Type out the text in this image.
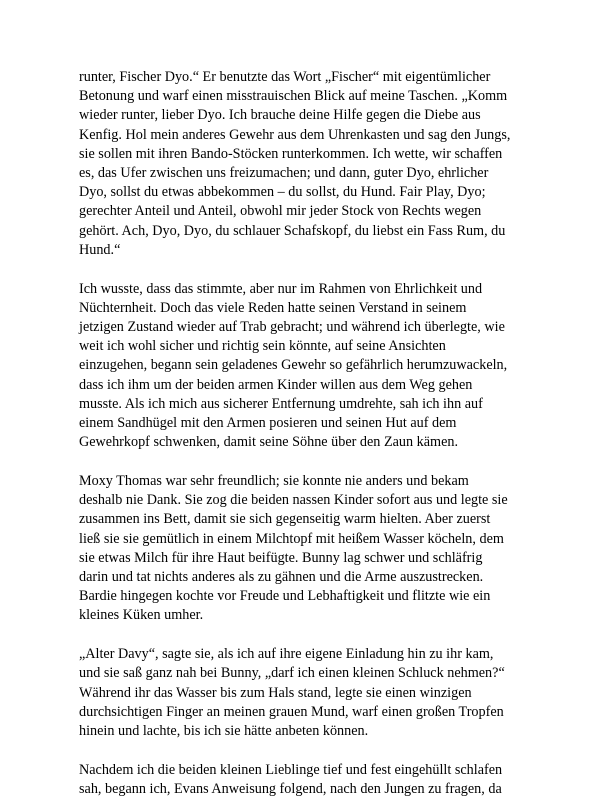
runter, Fischer Dyo.“ Er benutzte das Wort „Fischer“ mit eigentümlicher
Betonung und warf einen misstrauischen Blick auf meine Taschen. „Komm
wieder runter, lieber Dyo. Ich brauche deine Hilfe gegen die Diebe aus
Kenfig. Hol mein anderes Gewehr aus dem Uhrenkasten und sag den Jungs,
sie sollen mit ihren Bando-Stöcken runterkommen. Ich wette, wir schaffen
es, das Ufer zwischen uns freizumachen; und dann, guter Dyo, ehrlicher
Dyo, sollst du etwas abbekommen – du sollst, du Hund. Fair Play, Dyo;
gerechter Anteil und Anteil, obwohl mir jeder Stock von Rechts wegen
gehört. Ach, Dyo, Dyo, du schlauer Schafskopf, du liebst ein Fass Rum, du
Hund.“

Ich wusste, dass das stimmte, aber nur im Rahmen von Ehrlichkeit und
Nüchternheit. Doch das viele Reden hatte seinen Verstand in seinem
jetzigen Zustand wieder auf Trab gebracht; und während ich überlegte, wie
weit ich wohl sicher und richtig sein könnte, auf seine Ansichten
einzugehen, begann sein geladenes Gewehr so gefährlich herumzuwackeln,
dass ich ihm um der beiden armen Kinder willen aus dem Weg gehen
musste. Als ich mich aus sicherer Entfernung umdrehte, sah ich ihn auf
einem Sandhügel mit den Armen posieren und seinen Hut auf dem
Gewehrkopf schwenken, damit seine Söhne über den Zaun kämen.

Moxy Thomas war sehr freundlich; sie konnte nie anders und bekam
deshalb nie Dank. Sie zog die beiden nassen Kinder sofort aus und legte sie
zusammen ins Bett, damit sie sich gegenseitig warm hielten. Aber zuerst
ließ sie sie gemütlich in einem Milchtopf mit heißem Wasser köcheln, dem
sie etwas Milch für ihre Haut beifügte. Bunny lag schwer und schläfrig
darin und tat nichts anderes als zu gähnen und die Arme auszustrecken.
Bardie hingegen kochte vor Freude und Lebhaftigkeit und flitzte wie ein
kleines Küken umher.

„Alter Davy“, sagte sie, als ich auf ihre eigene Einladung hin zu ihr kam,
und sie saß ganz nah bei Bunny, „darf ich einen kleinen Schluck nehmen?“
Während ihr das Wasser bis zum Hals stand, legte sie einen winzigen
durchsichtigen Finger an meinen grauen Mund, warf einen großen Tropfen
hinein und lachte, bis ich sie hätte anbeten können.

Nachdem ich die beiden kleinen Lieblinge tief und fest eingehüllt schlafen
sah, begann ich, Evans Anweisung folgend, nach den Jungen zu fragen, da
